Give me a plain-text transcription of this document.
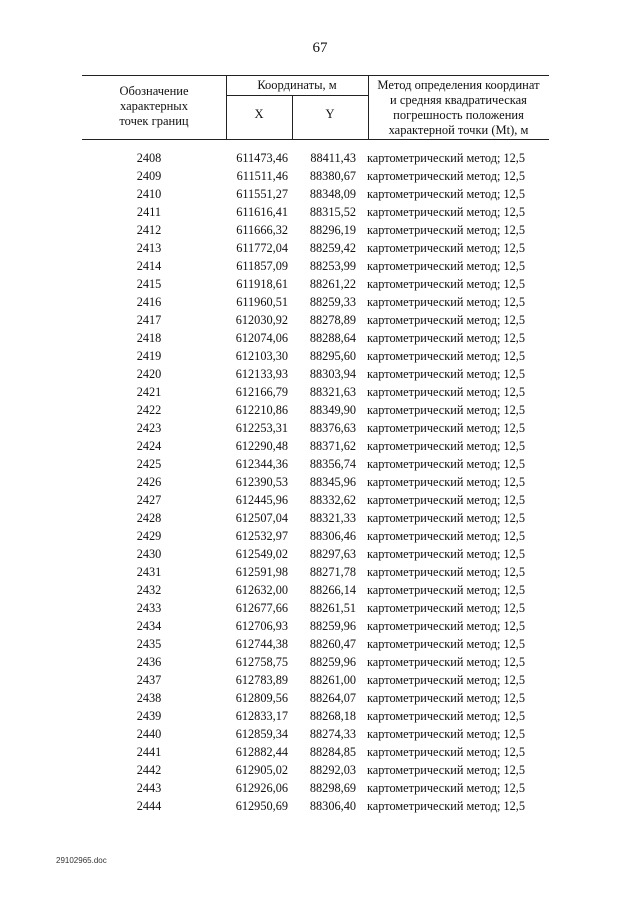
67
Обозначение
характерных
точек границ
Координаты, м
X	Y
Метод определения координат
и средняя квадратическая
погрешность положения
характерной точки (Mt), м
2408	611473,46	88411,43 картометрический метод; 12,5
2409	611511,46	88380,67 картометрический метод; 12,5
2410	611551,27	88348,09 картометрический метод; 12,5
2411	611616,41	88315,52 картометрический метод; 12,5
2412	611666,32	88296,19 картометрический метод; 12,5
2413	611772,04	88259,42 картометрический метод; 12,5
2414	611857,09	88253,99 картометрический метод; 12,5
2415	611918,61	88261,22 картометрический метод; 12,5
2416	611960,51	88259,33 картометрический метод; 12,5
2417	612030,92	88278,89 картометрический метод; 12,5
2418	612074,06	88288,64 картометрический метод; 12,5
2419	612103,30	88295,60 картометрический метод; 12,5
2420	612133,93	88303,94 картометрический метод; 12,5
2421	612166,79	88321,63 картометрический метод; 12,5
2422	612210,86	88349,90 картометрический метод; 12,5
2423	612253,31	88376,63 картометрический метод; 12,5
2424	612290,48	88371,62 картометрический метод; 12,5
2425	612344,36	88356,74 картометрический метод; 12,5
2426	612390,53	88345,96 картометрический метод; 12,5
2427	612445,96	88332,62 картометрический метод; 12,5
2428	612507,04	88321,33 картометрический метод; 12,5
2429	612532,97	88306,46 картометрический метод; 12,5
2430	612549,02	88297,63 картометрический метод; 12,5
2431	612591,98	88271,78 картометрический метод; 12,5
2432	612632,00	88266,14 картометрический метод; 12,5
2433	612677,66	88261,51 картометрический метод; 12,5
2434	612706,93	88259,96 картометрический метод; 12,5
2435	612744,38	88260,47 картометрический метод; 12,5
2436	612758,75	88259,96 картометрический метод; 12,5
2437	612783,89	88261,00 картометрический метод; 12,5
2438	612809,56	88264,07 картометрический метод; 12,5
2439	612833,17	88268,18 картометрический метод; 12,5
2440	612859,34	88274,33 картометрический метод; 12,5
2441	612882,44	88284,85 картометрический метод; 12,5
2442	612905,02	88292,03 картометрический метод; 12,5
2443	612926,06	88298,69 картометрический метод; 12,5
2444	612950,69	88306,40 картометрический метод; 12,5
29102965.doc
